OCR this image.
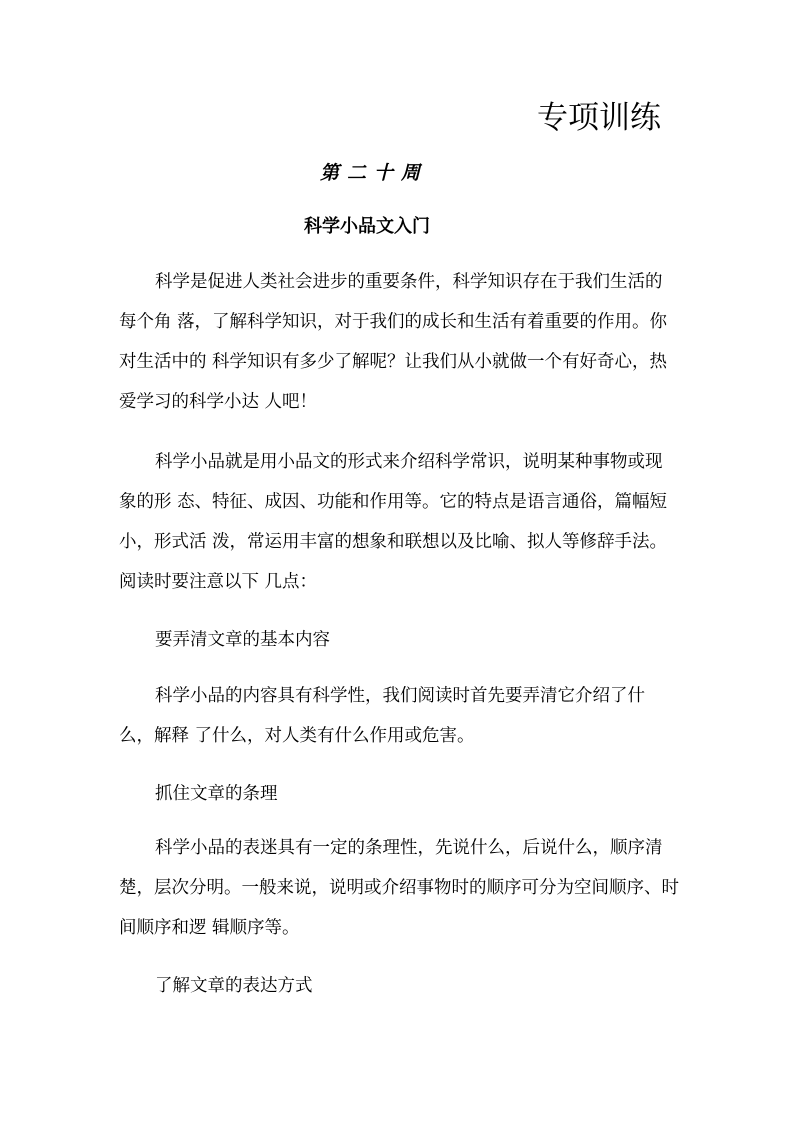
专项训练
第二十周
科学小品文入门

科学是促进人类社会进步的重要条件，科学知识存在于我们生活的每个角 落，了解科学知识，对于我们的成长和生活有着重要的作用。你对生活中的 科学知识有多少了解呢？让我们从小就做一个有好奇心，热爱学习的科学小达 人吧！

科学小品就是用小品文的形式来介绍科学常识，说明某种事物或现象的形 态、特征、成因、功能和作用等。它的特点是语言通俗，篇幅短小，形式活 泼，常运用丰富的想象和联想以及比喻、拟人等修辞手法。阅读时要注意以下 几点：

要弄清文章的基本内容

科学小品的内容具有科学性，我们阅读时首先要弄清它介绍了什么，解释 了什么，对人类有什么作用或危害。

抓住文章的条理

科学小品的表迷具有一定的条理性，先说什么，后说什么，顺序清楚，层次分明。一般来说，说明或介绍事物时的顺序可分为空间顺序、时间顺序和逻 辑顺序等。

了解文章的表达方式
